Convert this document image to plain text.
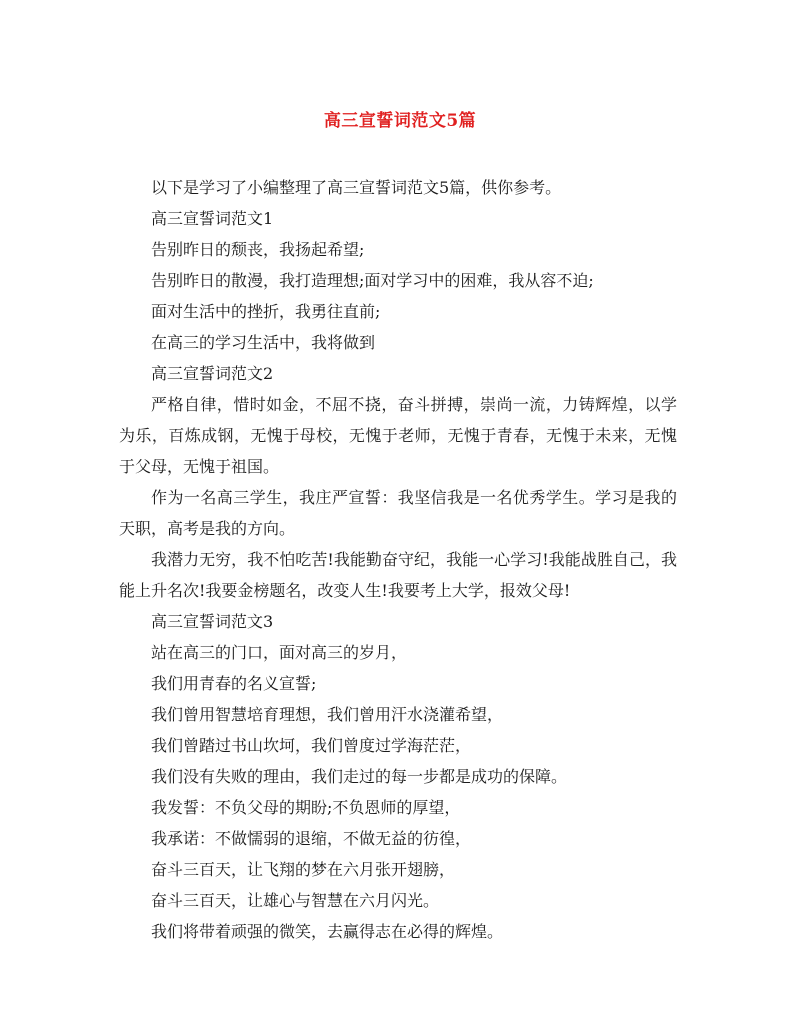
高三宣誓词范文5篇

以下是学习了小编整理了高三宣誓词范文5篇，供你参考。

高三宣誓词范文1

告别昨日的颓丧，我扬起希望;

告别昨日的散漫，我打造理想;面对学习中的困难，我从容不迫;

面对生活中的挫折，我勇往直前;

在高三的学习生活中，我将做到

高三宣誓词范文2

严格自律，惜时如金，不屈不挠，奋斗拼搏，崇尚一流，力铸辉煌，以学为乐，百炼成钢，无愧于母校，无愧于老师，无愧于青春，无愧于未来，无愧于父母，无愧于祖国。

作为一名高三学生，我庄严宣誓：我坚信我是一名优秀学生。学习是我的天职，高考是我的方向。

我潜力无穷，我不怕吃苦!我能勤奋守纪，我能一心学习!我能战胜自己，我能上升名次!我要金榜题名，改变人生!我要考上大学，报效父母!

高三宣誓词范文3

站在高三的门口，面对高三的岁月，

我们用青春的名义宣誓;

我们曾用智慧培育理想，我们曾用汗水浇灌希望，

我们曾踏过书山坎坷，我们曾度过学海茫茫，

我们没有失败的理由，我们走过的每一步都是成功的保障。

我发誓：不负父母的期盼;不负恩师的厚望，

我承诺：不做懦弱的退缩，不做无益的彷徨，

奋斗三百天，让飞翔的梦在六月张开翅膀，

奋斗三百天，让雄心与智慧在六月闪光。

我们将带着顽强的微笑，去赢得志在必得的辉煌。
